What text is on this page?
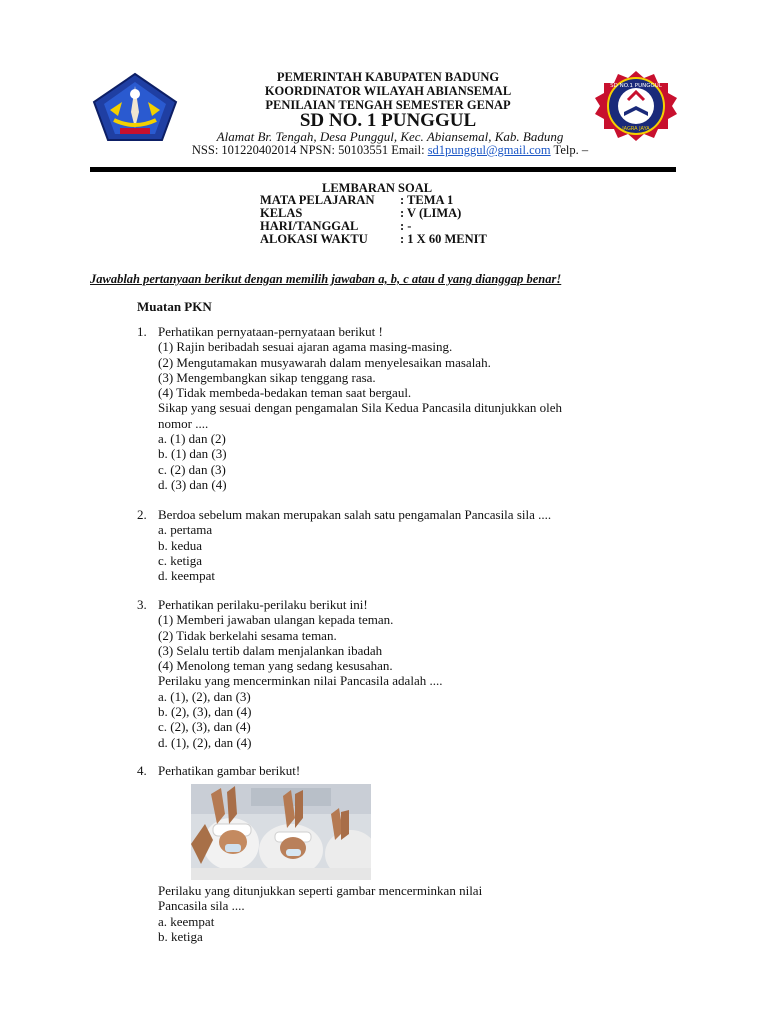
SD NO.1 PUNGGUL
JAGRA JAYA
PEMERINTAH KABUPATEN BADUNG
KOORDINATOR WILAYAH ABIANSEMAL
PENILAIAN TENGAH SEMESTER GENAP
SD NO. 1 PUNGGUL
Alamat Br. Tengah, Desa Punggul, Kec. Abiansemal, Kab. Badung
NSS: 101220402014 NPSN: 50103551 Email: sd1punggul@gmail.com Telp. –
LEMBARAN SOAL
MATA PELAJARAN	: TEMA 1
KELAS	: V (LIMA)
HARI/TANGGAL	: -
ALOKASI WAKTU	: 1 X 60 MENIT
Jawablah pertanyaan berikut dengan memilih jawaban a, b, c atau d yang dianggap benar!
Muatan PKN
1. Perhatikan pernyataan-pernyataan berikut !
(1) Rajin beribadah sesuai ajaran agama masing-masing.
(2) Mengutamakan musyawarah dalam menyelesaikan masalah.
(3) Mengembangkan sikap tenggang rasa.
(4) Tidak membeda-bedakan teman saat bergaul.
Sikap yang sesuai dengan pengamalan Sila Kedua Pancasila ditunjukkan oleh
nomor ....
a. (1) dan (2)
b. (1) dan (3)
c. (2) dan (3)
d. (3) dan (4)
2. Berdoa sebelum makan merupakan salah satu pengamalan Pancasila sila ....
a. pertama
b. kedua
c. ketiga
d. keempat
3. Perhatikan perilaku-perilaku berikut ini!
(1) Memberi jawaban ulangan kepada teman.
(2) Tidak berkelahi sesama teman.
(3) Selalu tertib dalam menjalankan ibadah
(4) Menolong teman yang sedang kesusahan.
Perilaku yang mencerminkan nilai Pancasila adalah ....
a. (1), (2), dan (3)
b. (2), (3), dan (4)
c. (2), (3), dan (4)
d. (1), (2), dan (4)
4. Perhatikan gambar berikut!
Perilaku yang ditunjukkan seperti gambar mencerminkan nilai
Pancasila sila ....
a. keempat
b. ketiga
